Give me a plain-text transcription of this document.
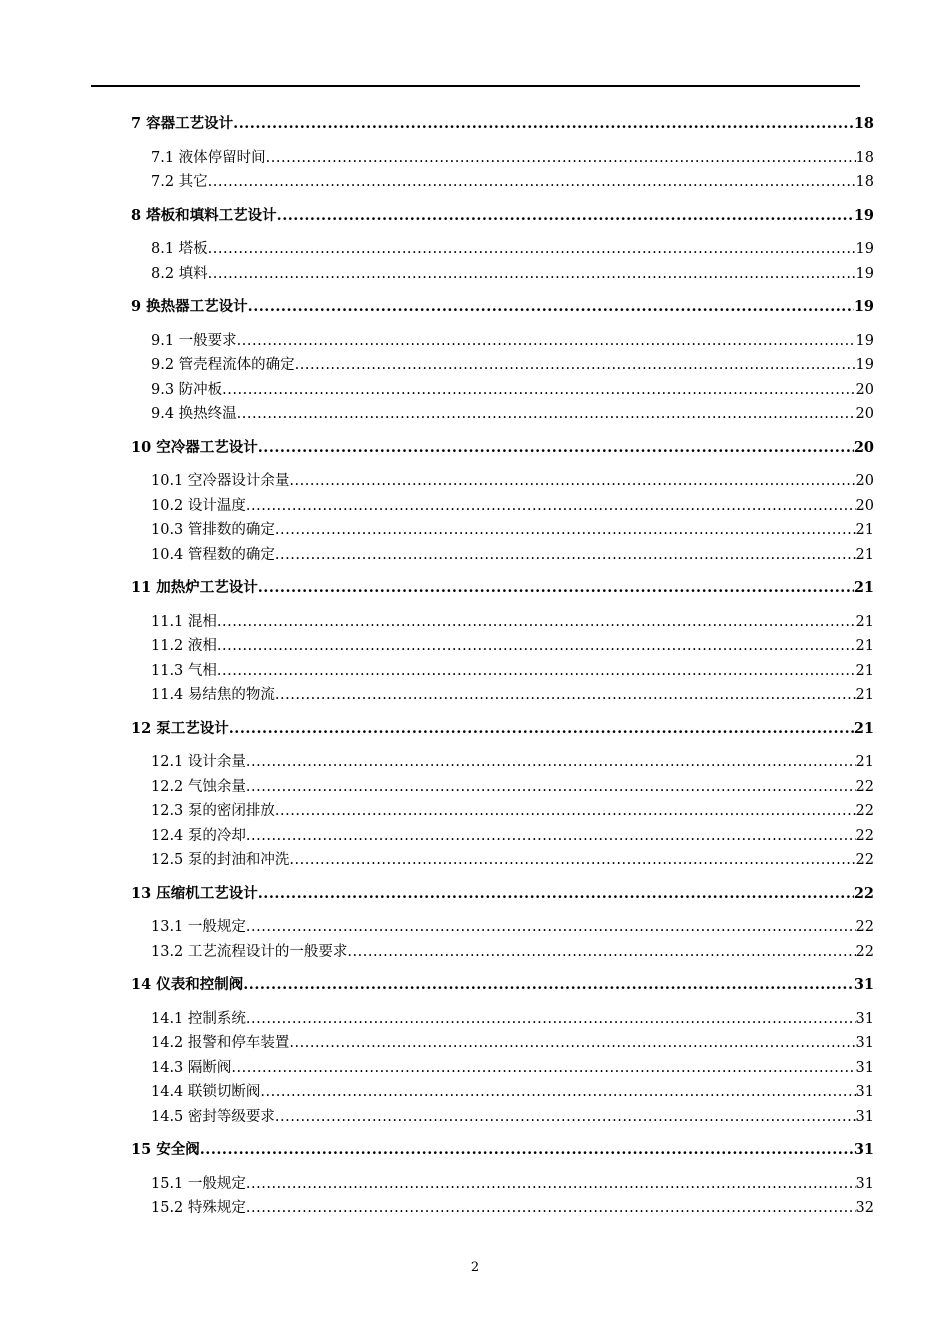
7 容器工艺设计 .....	18
7.1 液体停留时间 .....	18
7.2 其它 .....	18
8 塔板和填料工艺设计 .....	19
8.1 塔板 .....	19
8.2 填料 .....	19
9 换热器工艺设计 .....	19
9.1 一般要求 .....	19
9.2 管壳程流体的确定 .....	19
9.3 防冲板 .....	20
9.4 换热终温 .....	20
10 空冷器工艺设计 .....	20
10.1 空冷器设计余量 .....	20
10.2 设计温度 .....	20
10.3 管排数的确定 .....	21
10.4 管程数的确定 .....	21
11 加热炉工艺设计 .....	21
11.1 混相 .....	21
11.2 液相 .....	21
11.3 气相 .....	21
11.4 易结焦的物流 .....	21
12 泵工艺设计 .....	21
12.1 设计余量 .....	21
12.2 气蚀余量 .....	22
12.3 泵的密闭排放 .....	22
12.4 泵的冷却 .....	22
12.5 泵的封油和冲洗 .....	22
13 压缩机工艺设计 .....	22
13.1 一般规定 .....	22
13.2 工艺流程设计的一般要求 .....	22
14 仪表和控制阀 .....	31
14.1 控制系统 .....	31
14.2 报警和停车装置 .....	31
14.3 隔断阀 .....	31
14.4 联锁切断阀 .....	31
14.5 密封等级要求 .....	31
15 安全阀 .....	31
15.1 一般规定 .....	31
15.2 特殊规定 .....	32
2
